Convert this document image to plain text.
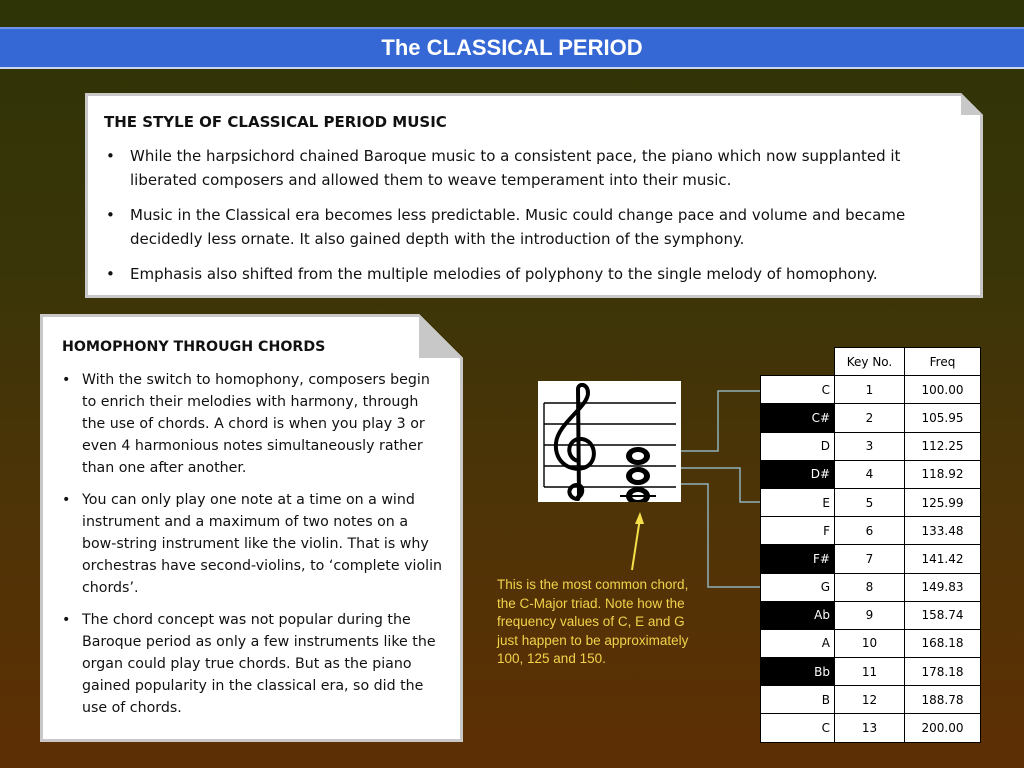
The CLASSICAL PERIOD
THE STYLE OF CLASSICAL PERIOD MUSIC
• While the harpsichord chained Baroque music to a consistent pace, the piano which now supplanted it liberated composers and allowed them to weave temperament into their music.
• Music in the Classical era becomes less predictable. Music could change pace and volume and became decidedly less ornate. It also gained depth with the introduction of the symphony.
• Emphasis also shifted from the multiple melodies of polyphony to the single melody of homophony.
HOMOPHONY THROUGH CHORDS
• With the switch to homophony, composers begin to enrich their melodies with harmony, through the use of chords. A chord is when you play 3 or even 4 harmonious notes simultaneously rather than one after another.
• You can only play one note at a time on a wind instrument and a maximum of two notes on a bow-string instrument like the violin. That is why orchestras have second-violins, to ‘complete violin chords’.
• The chord concept was not popular during the Baroque period as only a few instruments like the organ could play true chords. But as the piano gained popularity in the classical era, so did the use of chords.
This is the most common chord, the C-Major triad. Note how the frequency values of C, E and G just happen to be approximately 100, 125 and 150.
	Key No.	Freq
C	1	100.00
C#	2	105.95
D	3	112.25
D#	4	118.92
E	5	125.99
F	6	133.48
F#	7	141.42
G	8	149.83
Ab	9	158.74
A	10	168.18
Bb	11	178.18
B	12	188.78
C	13	200.00
